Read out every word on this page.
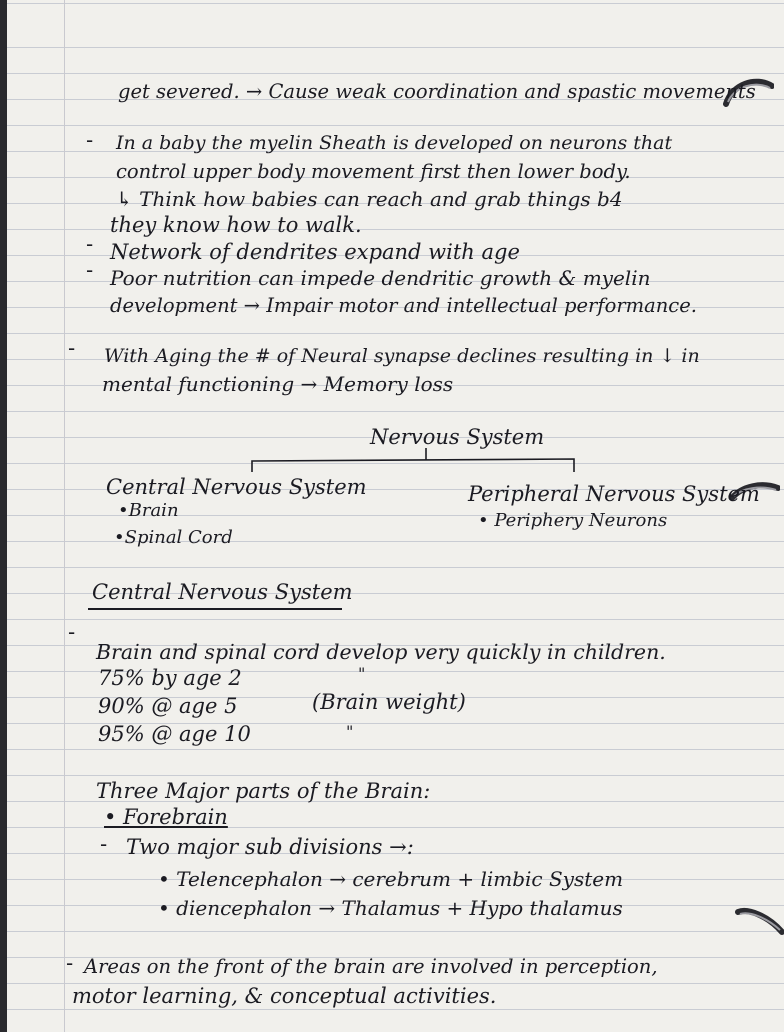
get severed. → Cause weak coordination and spastic movements
- In a baby the myelin Sheath is developed on neurons that
control upper body movement first then lower body.
↳ Think how babies can reach and grab things b4
they know how to walk.
- Network of dendrites expand with age
- Poor nutrition can impede dendritic growth & myelin
development → Impair motor and intellectual performance.
- With Aging the # of Neural synapse declines resulting in ↓ in
mental functioning → Memory loss
Nervous System
Central Nervous System
•Brain
•Spinal Cord
Peripheral Nervous System
• Periphery Neurons
Central Nervous System
-
Brain and spinal cord develop very quickly in children.
75% by age 2	"
90% @ age 5	(Brain weight)
95% @ age 10	"
Three Major parts of the Brain:
• Forebrain
- Two major sub divisions →:
• Telencephalon → cerebrum + limbic System
• diencephalon → Thalamus + Hypo thalamus
- Areas on the front of the brain are involved in perception,
motor learning, & conceptual activities.
